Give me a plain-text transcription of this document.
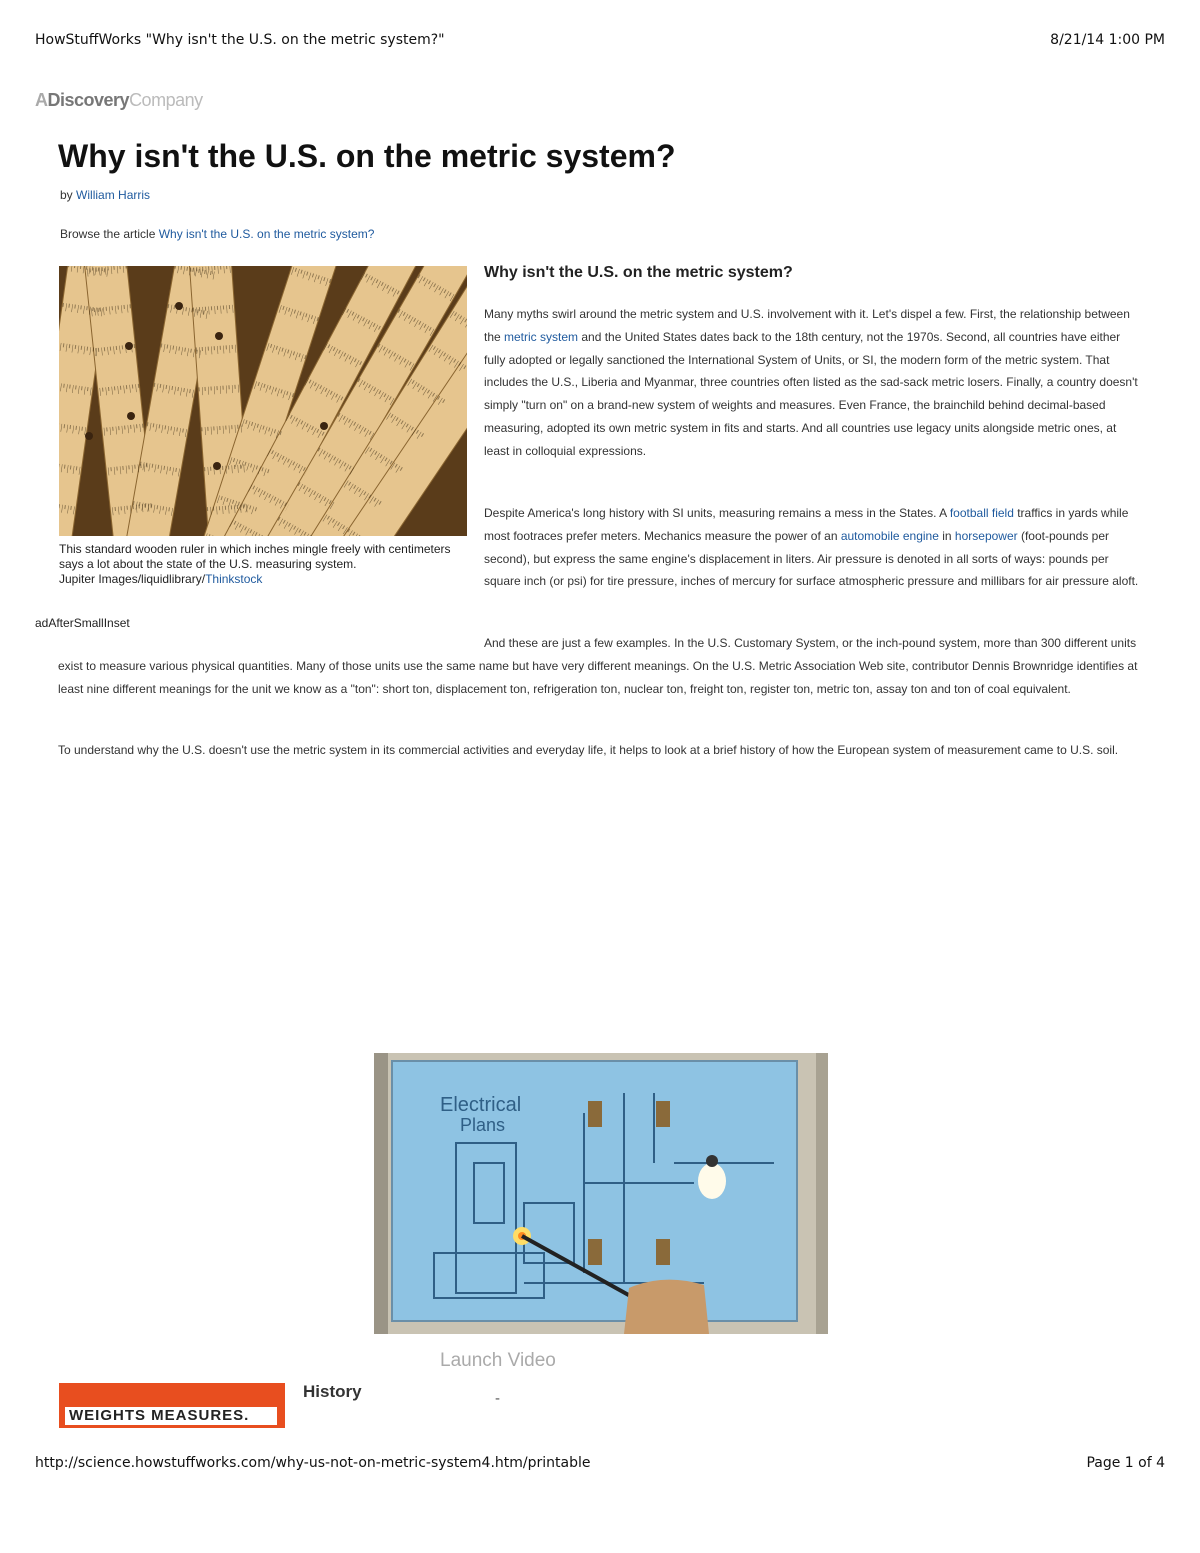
HowStuffWorks "Why isn't the U.S. on the metric system?"	8/21/14 1:00 PM
ADiscoveryCompany
Why isn't the U.S. on the metric system?
by William Harris
Browse the article Why isn't the U.S. on the metric system?
This standard wooden ruler in which inches mingle freely with centimeters says a lot about the state of the U.S. measuring system.
Jupiter Images/liquidlibrary/Thinkstock
adAfterSmallInset
Why isn't the U.S. on the metric system?

Many myths swirl around the metric system and U.S. involvement with it. Let's dispel a few. First, the relationship between the metric system and the United States dates back to the 18th century, not the 1970s. Second, all countries have either fully adopted or legally sanctioned the International System of Units, or SI, the modern form of the metric system. That includes the U.S., Liberia and Myanmar, three countries often listed as the sad-sack metric losers. Finally, a country doesn't simply "turn on" on a brand-new system of weights and measures. Even France, the brainchild behind decimal-based measuring, adopted its own metric system in fits and starts. And all countries use legacy units alongside metric ones, at least in colloquial expressions.

Despite America's long history with SI units, measuring remains a mess in the States. A football field traffics in yards while most footraces prefer meters. Mechanics measure the power of an automobile engine in horsepower (foot-pounds per second), but express the same engine's displacement in liters. Air pressure is denoted in all sorts of ways: pounds per square inch (or psi) for tire pressure, inches of mercury for surface atmospheric pressure and millibars for air pressure aloft.

And these are just a few examples. In the U.S. Customary System, or the inch-pound system, more than 300 different units exist to measure various physical quantities. Many of those units use the same name but have very different meanings. On the U.S. Metric Association Web site, contributor Dennis Brownridge identifies at least nine different meanings for the unit we know as a "ton": short ton, displacement ton, refrigeration ton, nuclear ton, freight ton, register ton, metric ton, assay ton and ton of coal equivalent.

To understand why the U.S. doesn't use the metric system in its commercial activities and everyday life, it helps to look at a brief history of how the European system of measurement came to U.S. soil.

Electrical
Plans
Launch Video
WEIGHTS MEASURES.
History	-
http://science.howstuffworks.com/why-us-not-on-metric-system4.htm/printable	Page 1 of 4
